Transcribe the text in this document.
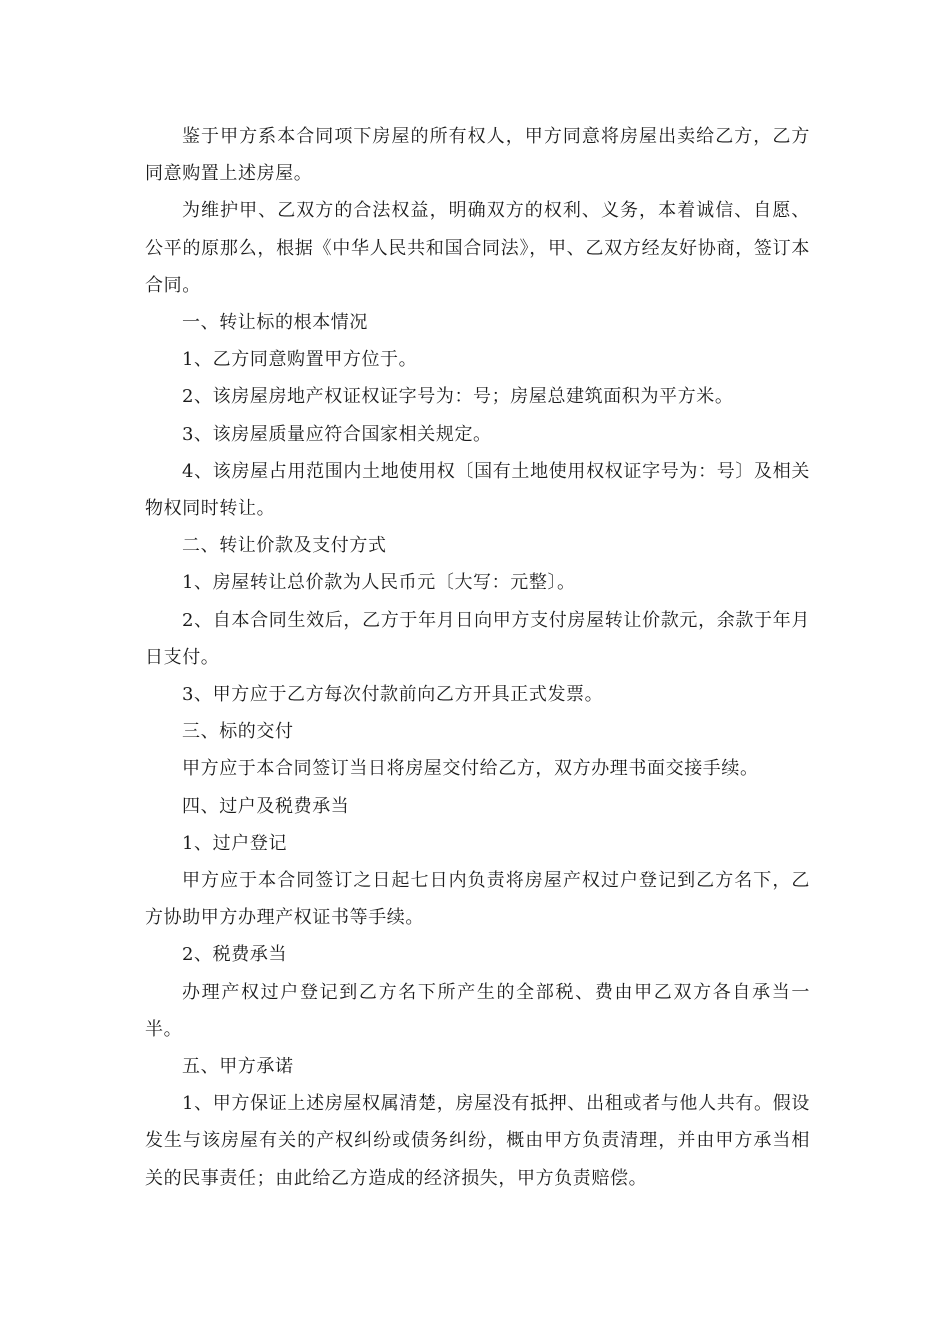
鉴于甲方系本合同项下房屋的所有权人，甲方同意将房屋出卖给乙方，乙方同意购置上述房屋。

为维护甲、乙双方的合法权益，明确双方的权利、义务，本着诚信、自愿、公平的原那么，根据《中华人民共和国合同法》，甲、乙双方经友好协商，签订本合同。

一、转让标的根本情况

1、乙方同意购置甲方位于。

2、该房屋房地产权证权证字号为：号；房屋总建筑面积为平方米。

3、该房屋质量应符合国家相关规定。

4、该房屋占用范围内土地使用权〔国有土地使用权权证字号为：号〕及相关物权同时转让。

二、转让价款及支付方式

1、房屋转让总价款为人民币元〔大写：元整〕。

2、自本合同生效后，乙方于年月日向甲方支付房屋转让价款元，余款于年月日支付。

3、甲方应于乙方每次付款前向乙方开具正式发票。

三、标的交付

甲方应于本合同签订当日将房屋交付给乙方，双方办理书面交接手续。

四、过户及税费承当

1、过户登记

甲方应于本合同签订之日起七日内负责将房屋产权过户登记到乙方名下，乙方协助甲方办理产权证书等手续。

2、税费承当

办理产权过户登记到乙方名下所产生的全部税、费由甲乙双方各自承当一半。

五、甲方承诺

1、甲方保证上述房屋权属清楚，房屋没有抵押、出租或者与他人共有。假设发生与该房屋有关的产权纠纷或债务纠纷，概由甲方负责清理，并由甲方承当相关的民事责任；由此给乙方造成的经济损失，甲方负责赔偿。
